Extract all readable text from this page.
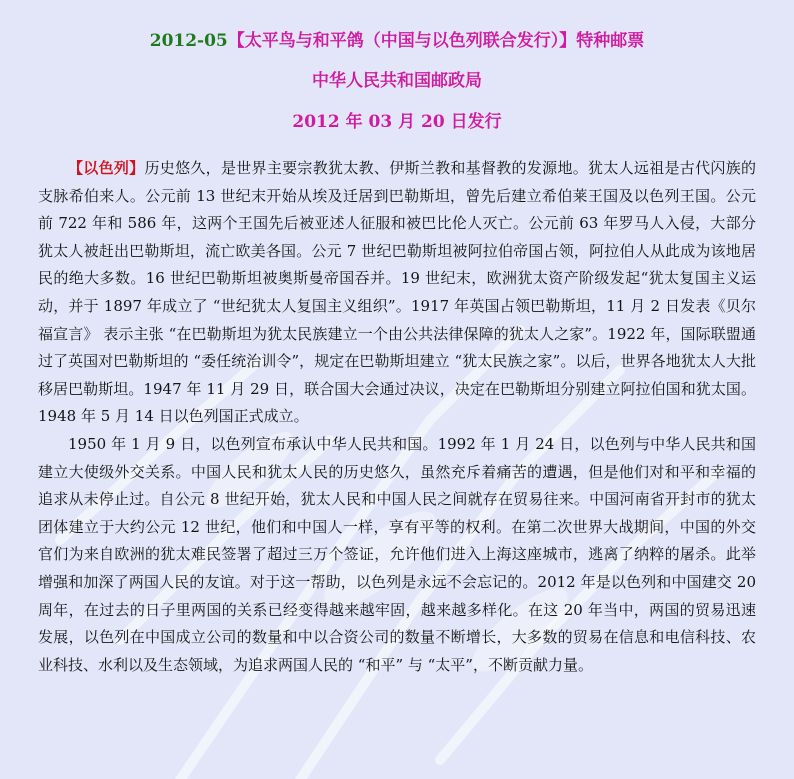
2012-05【太平鸟与和平鸽（中国与以色列联合发行）】特种邮票
中华人民共和国邮政局
2012 年 03 月 20 日发行

【以色列】历史悠久，是世界主要宗教犹太教、伊斯兰教和基督教的发源地。犹太人远祖是古代闪族的支脉希伯来人。公元前 13 世纪末开始从埃及迁居到巴勒斯坦，曾先后建立希伯莱王国及以色列王国。公元前 722 年和 586 年，这两个王国先后被亚述人征服和被巴比伦人灭亡。公元前 63 年罗马人入侵，大部分犹太人被赶出巴勒斯坦，流亡欧美各国。公元 7 世纪巴勒斯坦被阿拉伯帝国占领，阿拉伯人从此成为该地居民的绝大多数。16 世纪巴勒斯坦被奥斯曼帝国吞并。19 世纪末，欧洲犹太资产阶级发起“犹太复国主义运动，并于 1897 年成立了 “世纪犹太人复国主义组织”。1917 年英国占领巴勒斯坦，11 月 2 日发表《贝尔福宣言》 表示主张 “在巴勒斯坦为犹太民族建立一个由公共法律保障的犹太人之家”。1922 年，国际联盟通过了英国对巴勒斯坦的 “委任统治训令”，规定在巴勒斯坦建立 “犹太民族之家”。以后，世界各地犹太人大批移居巴勒斯坦。1947 年 11 月 29 日，联合国大会通过决议，决定在巴勒斯坦分别建立阿拉伯国和犹太国。1948 年 5 月 14 日以色列国正式成立。

1950 年 1 月 9 日，以色列宣布承认中华人民共和国。1992 年 1 月 24 日，以色列与中华人民共和国建立大使级外交关系。中国人民和犹太人民的历史悠久，虽然充斥着痛苦的遭遇，但是他们对和平和幸福的追求从未停止过。自公元 8 世纪开始，犹太人民和中国人民之间就存在贸易往来。中国河南省开封市的犹太团体建立于大约公元 12 世纪，他们和中国人一样，享有平等的权利。在第二次世界大战期间，中国的外交官们为来自欧洲的犹太难民签署了超过三万个签证，允许他们进入上海这座城市，逃离了纳粹的屠杀。此举增强和加深了两国人民的友谊。对于这一帮助，以色列是永远不会忘记的。2012 年是以色列和中国建交 20 周年，在过去的日子里两国的关系已经变得越来越牢固，越来越多样化。在这 20 年当中，两国的贸易迅速发展，以色列在中国成立公司的数量和中以合资公司的数量不断增长，大多数的贸易在信息和电信科技、农业科技、水利以及生态领域，为追求两国人民的 “和平” 与 “太平”，不断贡献力量。
